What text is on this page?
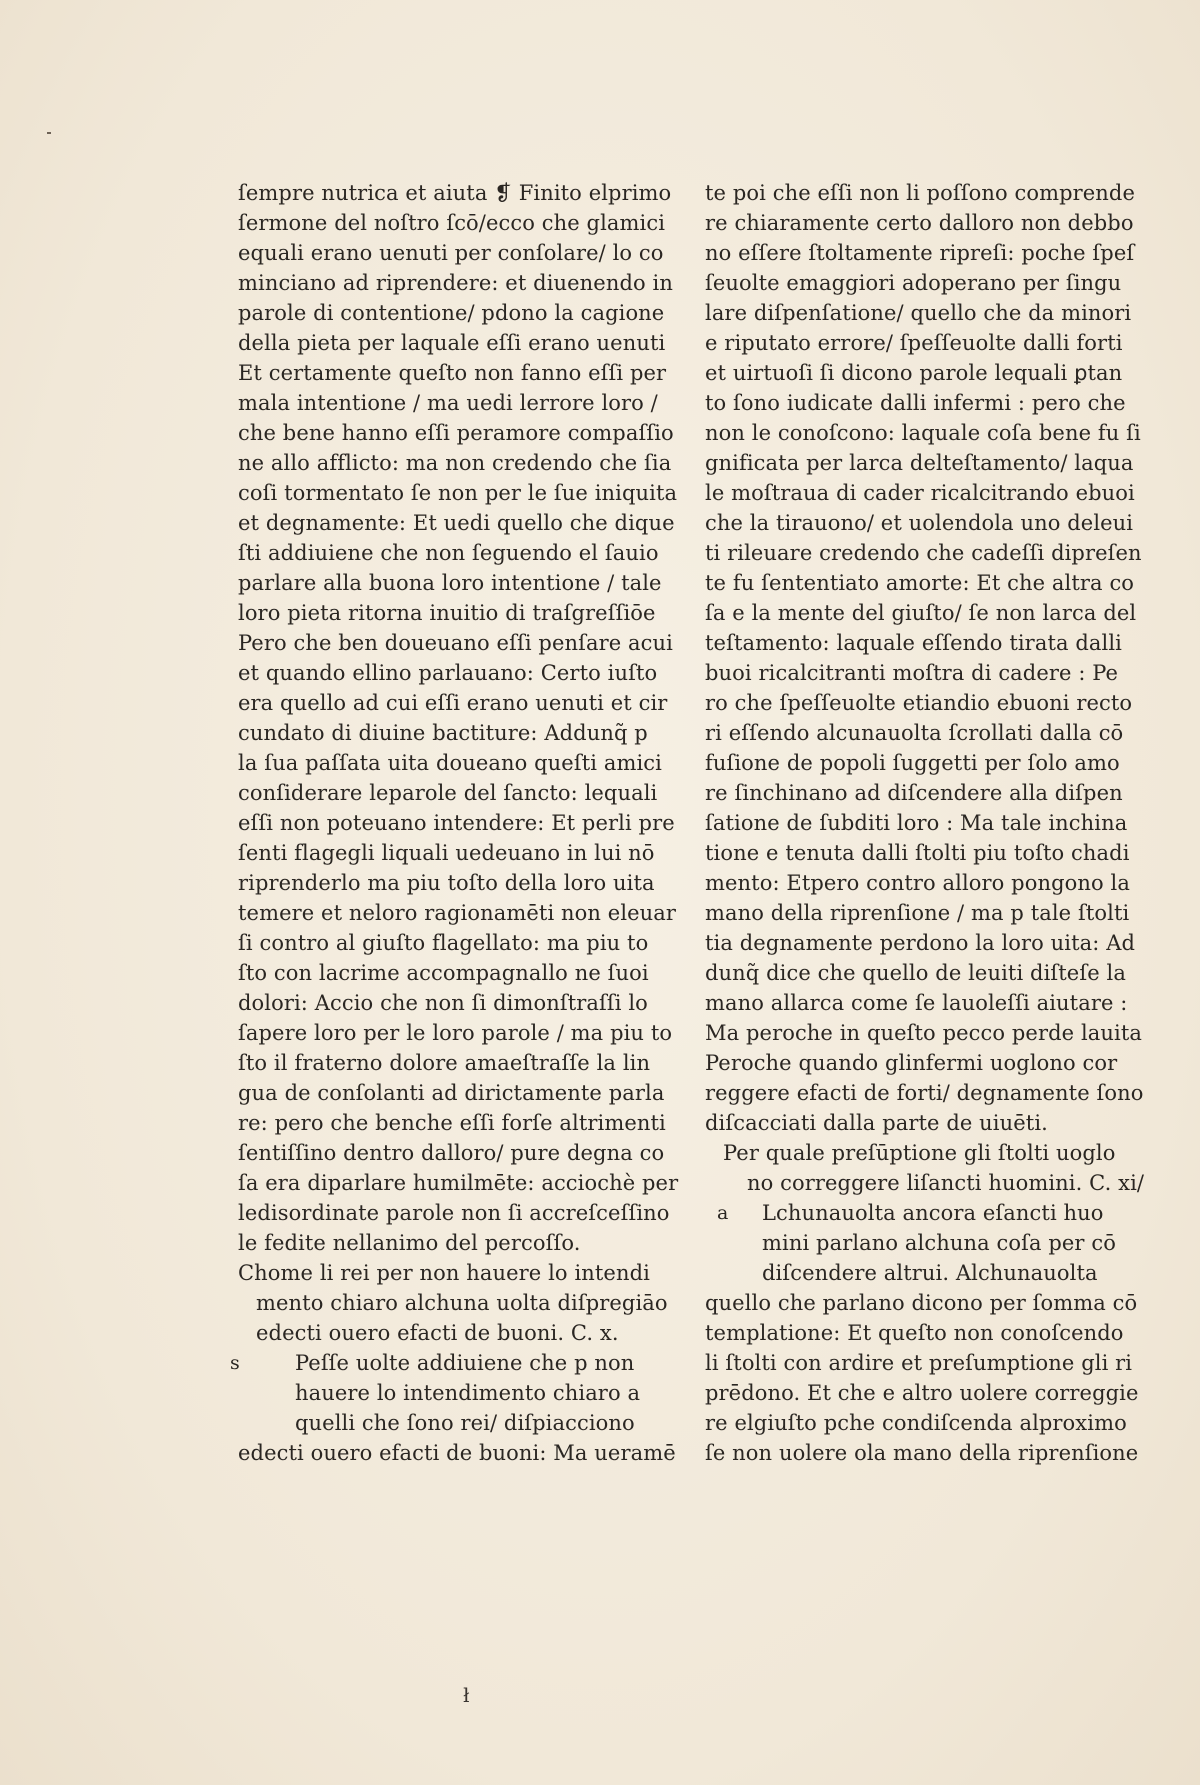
ſempre nutrica et aiuta ❡ Finito elprimo
ſermone del noſtro ſcō/ecco che glamici
equali erano uenuti per conſolare/ lo co
minciano ad riprendere: et diuenendo in
parole di contentione/ pdono la cagione
della pieta per laquale eſſi erano uenuti
Et certamente queſto non fanno eſſi per
mala intentione / ma uedi lerrore loro /
che bene hanno eſſi peramore compaſſio
ne allo afflicto: ma non credendo che ſia
coſi tormentato ſe non per le ſue iniquita
et degnamente: Et uedi quello che dique
ſti addiuiene che non ſeguendo el ſauio
parlare alla buona loro intentione / tale
loro pieta ritorna inuitio di traſgreſſiōe
Pero che ben doueuano eſſi penſare acui
et quando ellino parlauano: Certo iuſto
era quello ad cui eſſi erano uenuti et cir
cundato di diuine bactiture: Addunq̃ p
la ſua paſſata uita doueano queſti amici
conſiderare leparole del ſancto: lequali
eſſi non poteuano intendere: Et perli pre
ſenti flagegli liquali uedeuano in lui nō
riprenderlo ma piu toſto della loro uita
temere et neloro ragionamēti non eleuar
ſi contro al giuſto flagellato: ma piu to
ſto con lacrime accompagnallo ne ſuoi
dolori: Accio che non ſi dimonſtraſſi lo
ſapere loro per le loro parole / ma piu to
ſto il fraterno dolore amaeſtraſſe la lin
gua de conſolanti ad dirictamente parla
re: pero che benche eſſi forſe altrimenti
ſentiſſino dentro dalloro/ pure degna co
ſa era diparlare humilmēte: acciochè per
ledisordinate parole non ſi accreſceſſino
le fedite nellanimo del percoſſo.
Chome li rei per non hauere lo intendi
mento chiaro alchuna uolta diſpregiāo
edecti ouero efacti de buoni. C. x.
s	Peſſe uolte addiuiene che p non
hauere lo intendimento chiaro a
quelli che ſono rei/ diſpiacciono
edecti ouero efacti de buoni: Ma ueramē
te poi che eſſi non li poſſono comprende
re chiaramente certo dalloro non debbo
no eſſere ſtoltamente ripreſi: poche ſpeſ
ſeuolte emaggiori adoperano per ſingu
lare diſpenſatione/ quello che da minori
e riputato errore/ ſpeſſeuolte dalli forti
et uirtuoſi ſi dicono parole lequali ꝑtan
to ſono iudicate dalli infermi : pero che
non le conoſcono: laquale coſa bene fu ſi
gnificata per larca delteſtamento/ laqua
le moſtraua di cader ricalcitrando ebuoi
che la tirauono/ et uolendola uno deleui
ti rileuare credendo che cadeſſi dipreſen
te fu ſententiato amorte: Et che altra co
ſa e la mente del giuſto/ ſe non larca del
teſtamento: laquale eſſendo tirata dalli
buoi ricalcitranti moſtra di cadere : Pe
ro che ſpeſſeuolte etiandio ebuoni recto
ri eſſendo alcunauolta ſcrollati dalla cō
fuſione de popoli ſuggetti per ſolo amo
re ſinchinano ad diſcendere alla diſpen
ſatione de ſubditi loro : Ma tale inchina
tione e tenuta dalli ſtolti piu toſto chadi
mento: Etpero contro alloro pongono la
mano della riprenſione / ma p tale ſtolti
tia degnamente perdono la loro uita: Ad
dunq̃ dice che quello de leuiti diſteſe la
mano allarca come ſe lauoleſſi aiutare :
Ma peroche in queſto pecco perde lauita
Peroche quando glinfermi uoglono cor
reggere efacti de forti/ degnamente ſono
diſcacciati dalla parte de uiuēti.
Per quale preſūptione gli ſtolti uoglo
no correggere liſancti huomini. C. xi/
a	Lchunauolta ancora eſancti huo
mini parlano alchuna coſa per cō
diſcendere altrui. Alchunauolta
quello che parlano dicono per ſomma cō
templatione: Et queſto non conoſcendo
li ſtolti con ardire et preſumptione gli ri
prēdono. Et che e altro uolere correggie
re elgiuſto pche condiſcenda alproximo
ſe non uolere ola mano della riprenſione
ł
